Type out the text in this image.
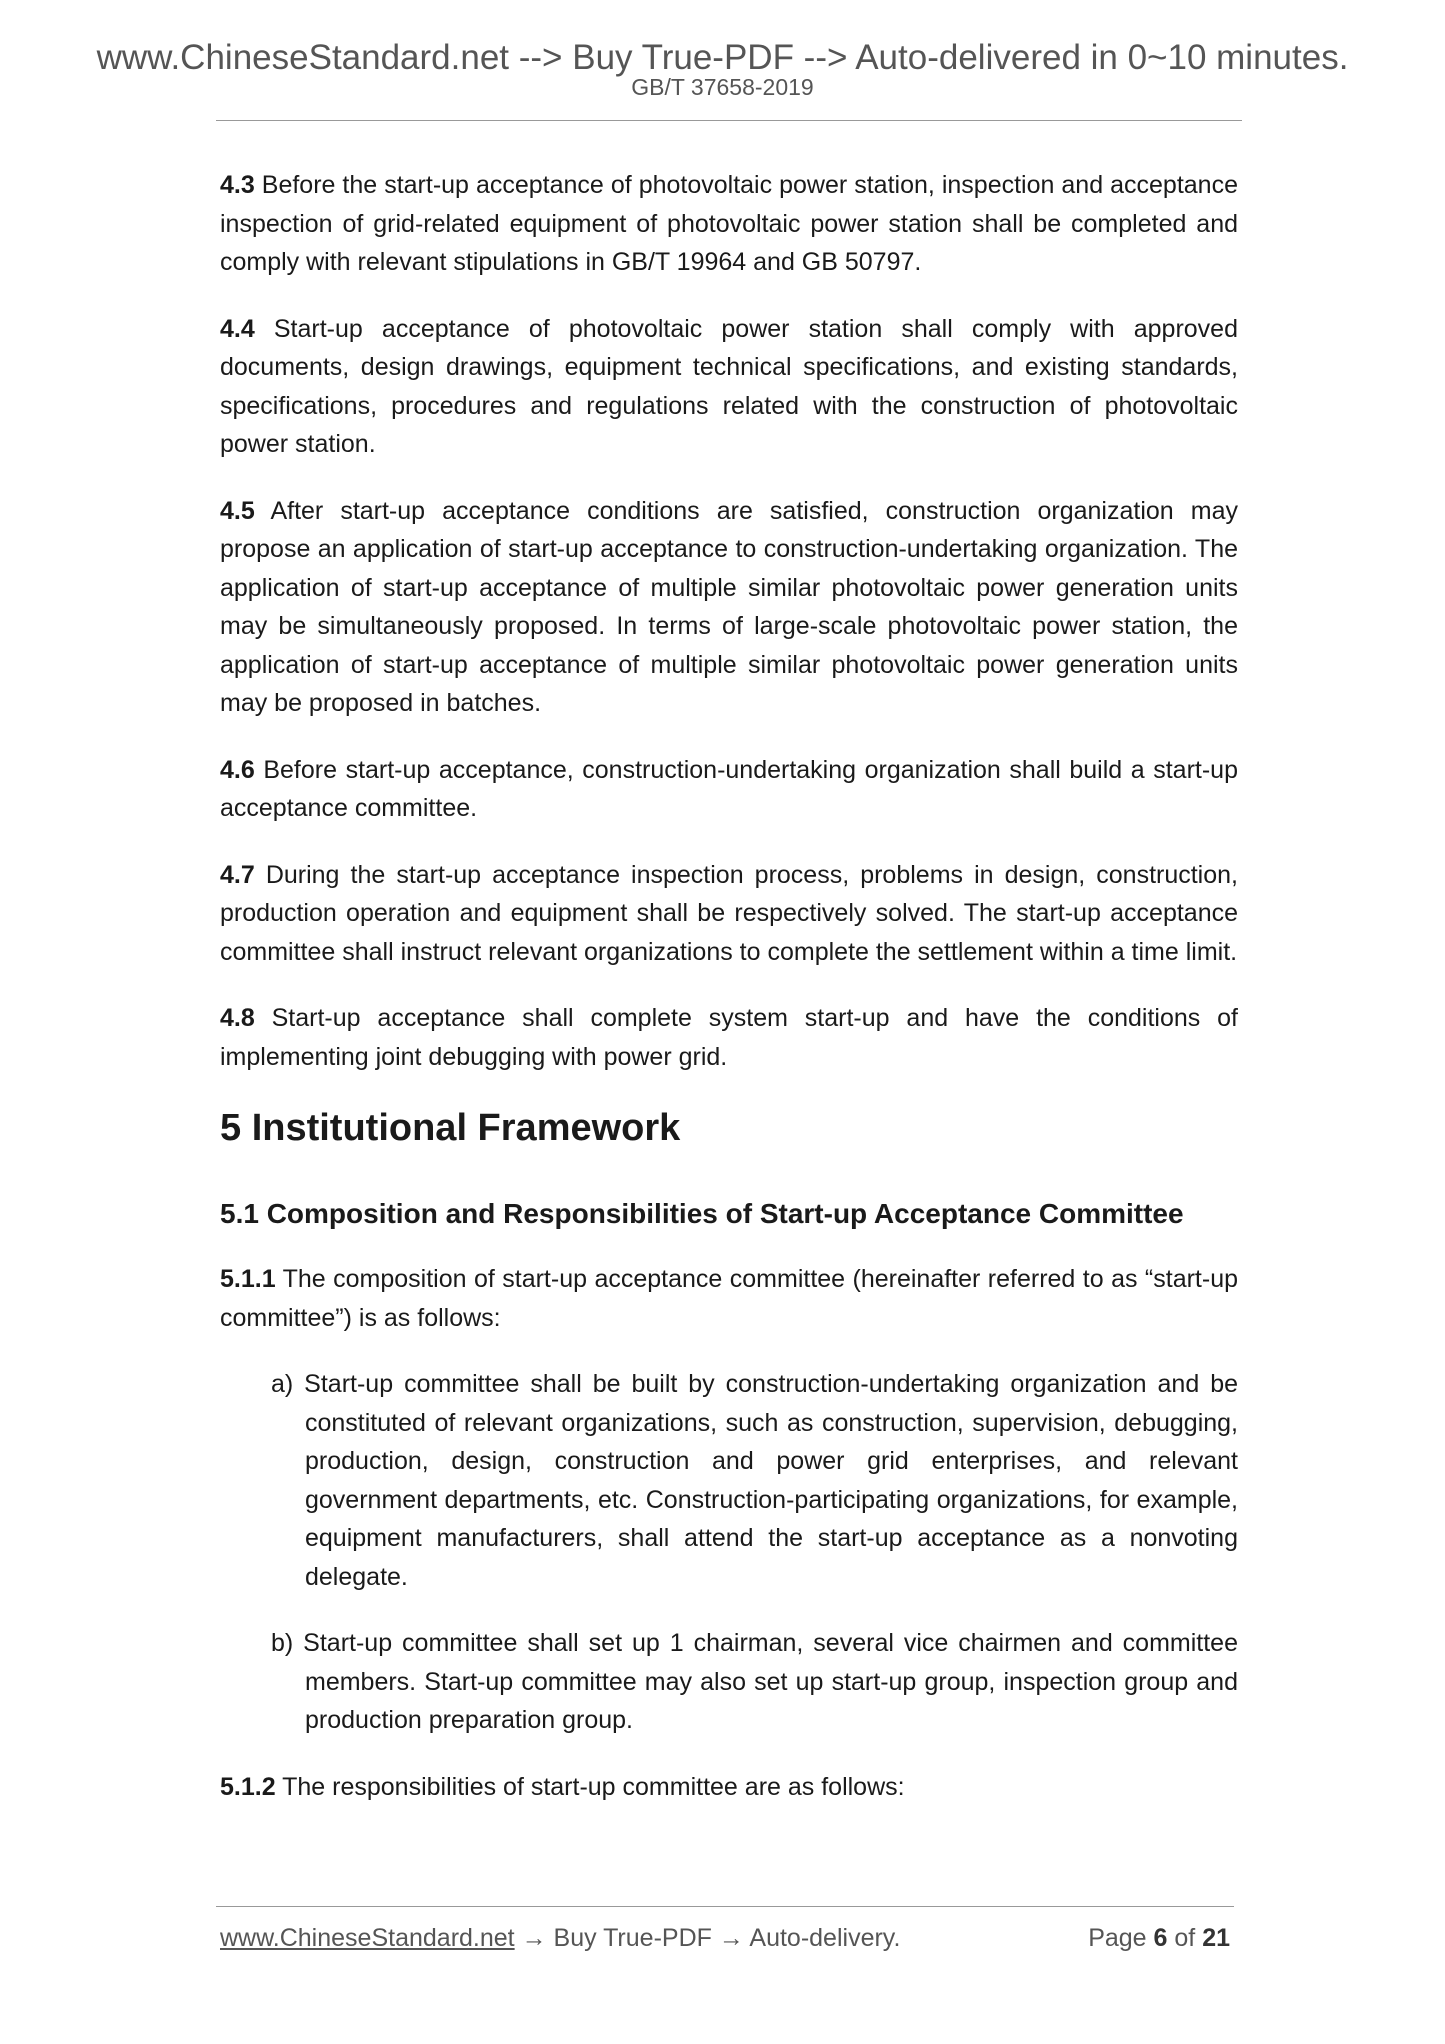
www.ChineseStandard.net --> Buy True-PDF --> Auto-delivered in 0~10 minutes.
GB/T 37658-2019

4.3 Before the start-up acceptance of photovoltaic power station, inspection and acceptance inspection of grid-related equipment of photovoltaic power station shall be completed and comply with relevant stipulations in GB/T 19964 and GB 50797.

4.4 Start-up acceptance of photovoltaic power station shall comply with approved documents, design drawings, equipment technical specifications, and existing standards, specifications, procedures and regulations related with the construction of photovoltaic power station.

4.5 After start-up acceptance conditions are satisfied, construction organization may propose an application of start-up acceptance to construction-undertaking organization. The application of start-up acceptance of multiple similar photovoltaic power generation units may be simultaneously proposed. In terms of large-scale photovoltaic power station, the application of start-up acceptance of multiple similar photovoltaic power generation units may be proposed in batches.

4.6 Before start-up acceptance, construction-undertaking organization shall build a start-up acceptance committee.

4.7 During the start-up acceptance inspection process, problems in design, construction, production operation and equipment shall be respectively solved. The start-up acceptance committee shall instruct relevant organizations to complete the settlement within a time limit.

4.8 Start-up acceptance shall complete system start-up and have the conditions of implementing joint debugging with power grid.

5 Institutional Framework
5.1 Composition and Responsibilities of Start-up Acceptance Committee

5.1.1 The composition of start-up acceptance committee (hereinafter referred to as “start-up committee”) is as follows:

a) Start-up committee shall be built by construction-undertaking organization and be constituted of relevant organizations, such as construction, supervision, debugging, production, design, construction and power grid enterprises, and relevant government departments, etc. Construction-participating organizations, for example, equipment manufacturers, shall attend the start-up acceptance as a nonvoting delegate.
b) Start-up committee shall set up 1 chairman, several vice chairmen and committee members. Start-up committee may also set up start-up group, inspection group and production preparation group.

5.1.2 The responsibilities of start-up committee are as follows:

www.ChineseStandard.net → Buy True-PDF → Auto-delivery.	Page 6 of 21
